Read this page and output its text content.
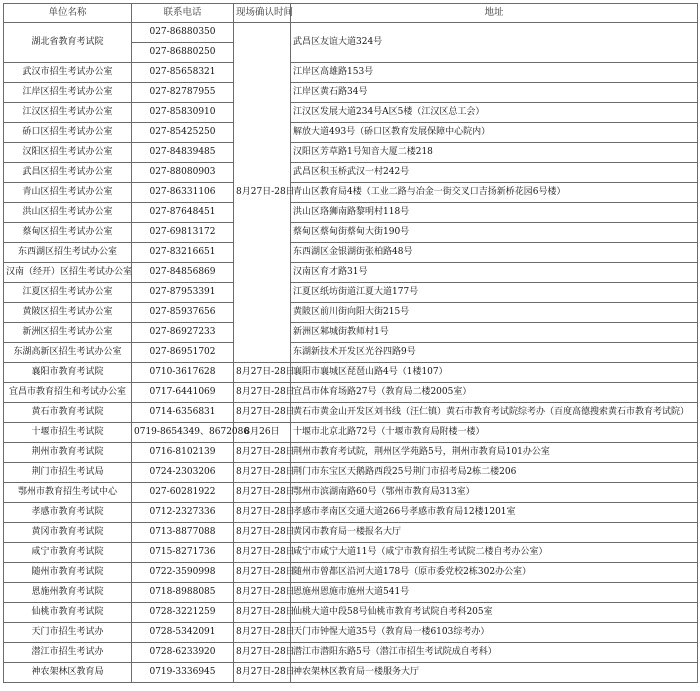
单位名称	联系电话	现场确认时间	地址
湖北省教育考试院	027-86880350	8月27日-28日	武昌区友谊大道324号
	027-86880250		
武汉市招生考试办公室	027-85658321		江岸区高雄路153号
江岸区招生考试办公室	027-82787955		江岸区黄石路34号
江汉区招生考试办公室	027-85830910		江汉区发展大道234号A区5楼（江汉区总工会）
硚口区招生考试办公室	027-85425250		解放大道493号（硚口区教育发展保障中心院内）
汉阳区招生考试办公室	027-84839485		汉阳区芳草路1号知音大厦二楼218
武昌区招生考试办公室	027-88080903		武昌区积玉桥武汉一村242号
青山区招生考试办公室	027-86331106		青山区教育局4楼（工业二路与冶金一街交叉口吉扬新桥花园6号楼）
洪山区招生考试办公室	027-87648451		洪山区珞狮南路黎明村118号
蔡甸区招生考试办公室	027-69813172		蔡甸区蔡甸街蔡甸大街190号
东西湖区招生考试办公室	027-83216651		东西湖区金银湖街张柏路48号
汉南（经开）区招生考试办公室	027-84856869		汉南区育才路31号
江夏区招生考试办公室	027-87953391		江夏区纸坊街道江夏大道177号
黄陂区招生考试办公室	027-85937656		黄陂区前川街向阳大街215号
新洲区招生考试办公室	027-86927233		新洲区邾城街教师村1号
东湖高新区招生考试办公室	027-86951702		东湖新技术开发区光谷四路9号
襄阳市教育考试院	0710-3617628	8月27日-28日	襄阳市襄城区琵琶山路4号（1楼107）
宜昌市教育招生和考试办公室	0717-6441069	8月27日-28日	宜昌市体育场路27号（教育局二楼2005室）
黄石市教育考试院	0714-6356831	8月27日-28日	黄石市黄金山开发区刘书线（汪仁镇）黄石市教育考试院综考办（百度高德搜索黄石市教育考试院）
十堰市招生考试院	0719-8654349、8672086	8月26日	十堰市北京北路72号（十堰市教育局附楼一楼）
荆州市教育考试院	0716-8102139	8月27日-28日	荆州市教育考试院，荆州区学苑路5号，荆州市教育局101办公室
荆门市招生考试局	0724-2303206	8月27日-28日	荆门市东宝区天鹅路西段25号荆门市招考局2栋二楼206
鄂州市教育招生考试中心	027-60281922	8月27日-28日	鄂州市滨湖南路60号（鄂州市教育局313室）
孝感市教育考试院	0712-2327336	8月27日-28日	孝感市孝南区交通大道266号孝感市教育局12楼1201室
黄冈市教育考试院	0713-8877088	8月27日-28日	黄冈市教育局一楼报名大厅
咸宁市教育考试院	0715-8271736	8月27日-28日	咸宁市咸宁大道11号（咸宁市教育招生考试院二楼自考办公室）
随州市教育考试院	0722-3590998	8月27日-28日	随州市曾都区沿河大道178号（原市委党校2栋302办公室）
恩施州教育考试院	0718-8988085	8月27日-28日	恩施州恩施市施州大道541号
仙桃市教育考试院	0728-3221259	8月27日-28日	仙桃大道中段58号仙桃市教育考试院自考科205室
天门市招生考试办	0728-5342091	8月27日-28日	天门市钟惺大道35号（教育局一楼6103综考办）
潜江市招生考试办	0728-6233920	8月27日-28日	潜江市潜阳东路5号（潜江市招生考试院成自考科）
神农架林区教育局	0719-3336945	8月27日-28日	神农架林区教育局一楼服务大厅
